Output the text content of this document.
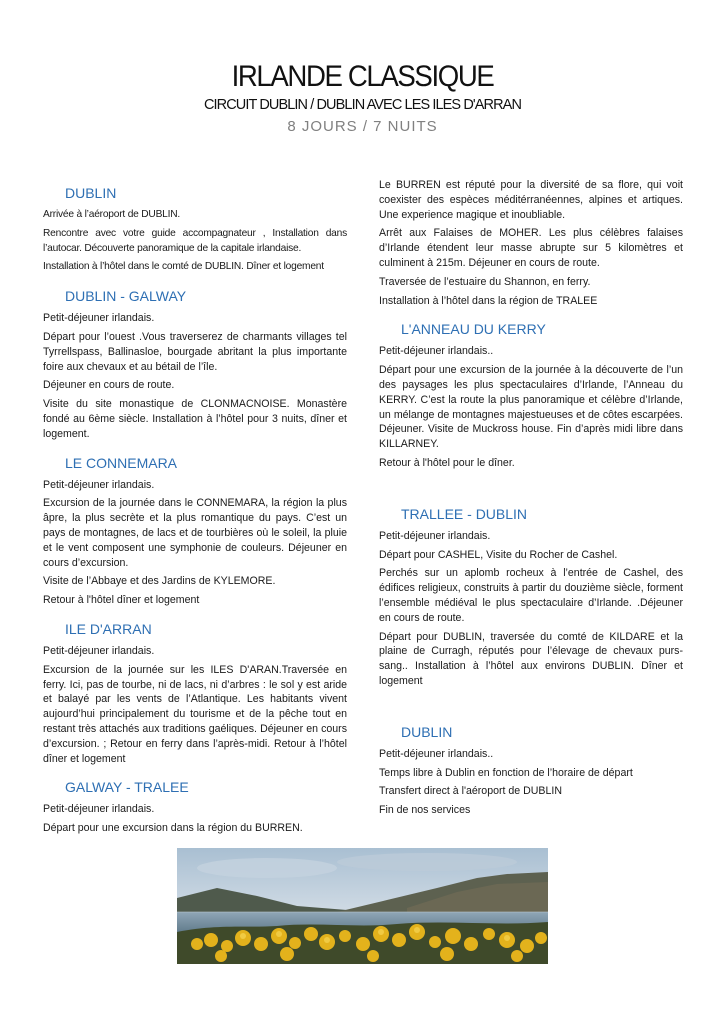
IRLANDE CLASSIQUE
CIRCUIT DUBLIN / DUBLIN AVEC LES ILES D'ARRAN
8 JOURS / 7 NUITS
DUBLIN

Arrivée à l’aéroport de DUBLIN.

Rencontre avec votre guide accompagnateur , Installation dans l’autocar. Découverte panoramique de la capitale irlandaise.

Installation à l’hôtel dans le comté de DUBLIN. Dîner et logement

DUBLIN - GALWAY

Petit-déjeuner irlandais.

Départ pour l’ouest .Vous traverserez de charmants villages tel Tyrrellspass, Ballinasloe, bourgade abritant la plus importante foire aux chevaux et au bétail de l’île.

Déjeuner en cours de route.

Visite du site monastique de CLONMACNOISE. Monastère fondé au 6ème siècle. Installation à l’hôtel pour 3 nuits, dîner et logement.

LE CONNEMARA

Petit-déjeuner irlandais.

Excursion de la journée dans le CONNEMARA, la région la plus âpre, la plus secrète et la plus romantique du pays. C’est un pays de montagnes, de lacs et de tourbières où le soleil, la pluie et le vent composent une symphonie de couleurs. Déjeuner en cours d’excursion.

Visite de l’Abbaye et des Jardins de KYLEMORE.

Retour à l'hôtel dîner et logement

ILE D'ARRAN

Petit-déjeuner irlandais.

Excursion de la journée sur les ILES D'ARAN.Traversée en ferry. Ici, pas de tourbe, ni de lacs, ni d’arbres : le sol y est aride et balayé par les vents de l’Atlantique. Les habitants vivent aujourd’hui principalement du tourisme et de la pêche tout en restant très attachés aux traditions gaéliques. Déjeuner en cours d’excursion. ; Retour en ferry dans l’après-midi. Retour à l’hôtel dîner et logement

GALWAY - TRALEE

Petit-déjeuner irlandais.

Départ pour une excursion dans la région du BURREN.

Le BURREN est réputé pour la diversité de sa flore, qui voit coexister des espèces méditérranéennes, alpines et artiques. Une experience magique et inoubliable.

Arrêt aux Falaises de MOHER. Les plus célèbres falaises d’Irlande étendent leur masse abrupte sur 5 kilomètres et culminent à 215m. Déjeuner en cours de route.

Traversée de l’estuaire du Shannon, en ferry.

Installation à l’hôtel dans la région de TRALEE

L'ANNEAU DU KERRY

Petit-déjeuner irlandais..

Départ pour une excursion de la journée à la découverte de l’un des paysages les plus spectaculaires d’Irlande, l’Anneau du KERRY. C’est la route la plus panoramique et célèbre d’Irlande, un mélange de montagnes majestueuses et de côtes escarpées. Déjeuner. Visite de Muckross house. Fin d’après midi libre dans KILLARNEY.

Retour à l'hôtel pour le dîner.

TRALLEE - DUBLIN

Petit-déjeuner irlandais.

Départ pour CASHEL, Visite du Rocher de Cashel.

Perchés sur un aplomb rocheux à l’entrée de Cashel, des édifices religieux, construits à partir du douzième siècle, forment l’ensemble médiéval le plus spectaculaire d’Irlande. .Déjeuner en cours de route.

Départ pour DUBLIN, traversée du comté de KILDARE et la plaine de Curragh, réputés pour l’élevage de chevaux purs-sang.. Installation à l’hôtel aux environs DUBLIN. Dîner et logement

DUBLIN

Petit-déjeuner irlandais..

Temps libre à Dublin en fonction de l’horaire de départ

Transfert direct à l'aéroport de DUBLIN

Fin de nos services
